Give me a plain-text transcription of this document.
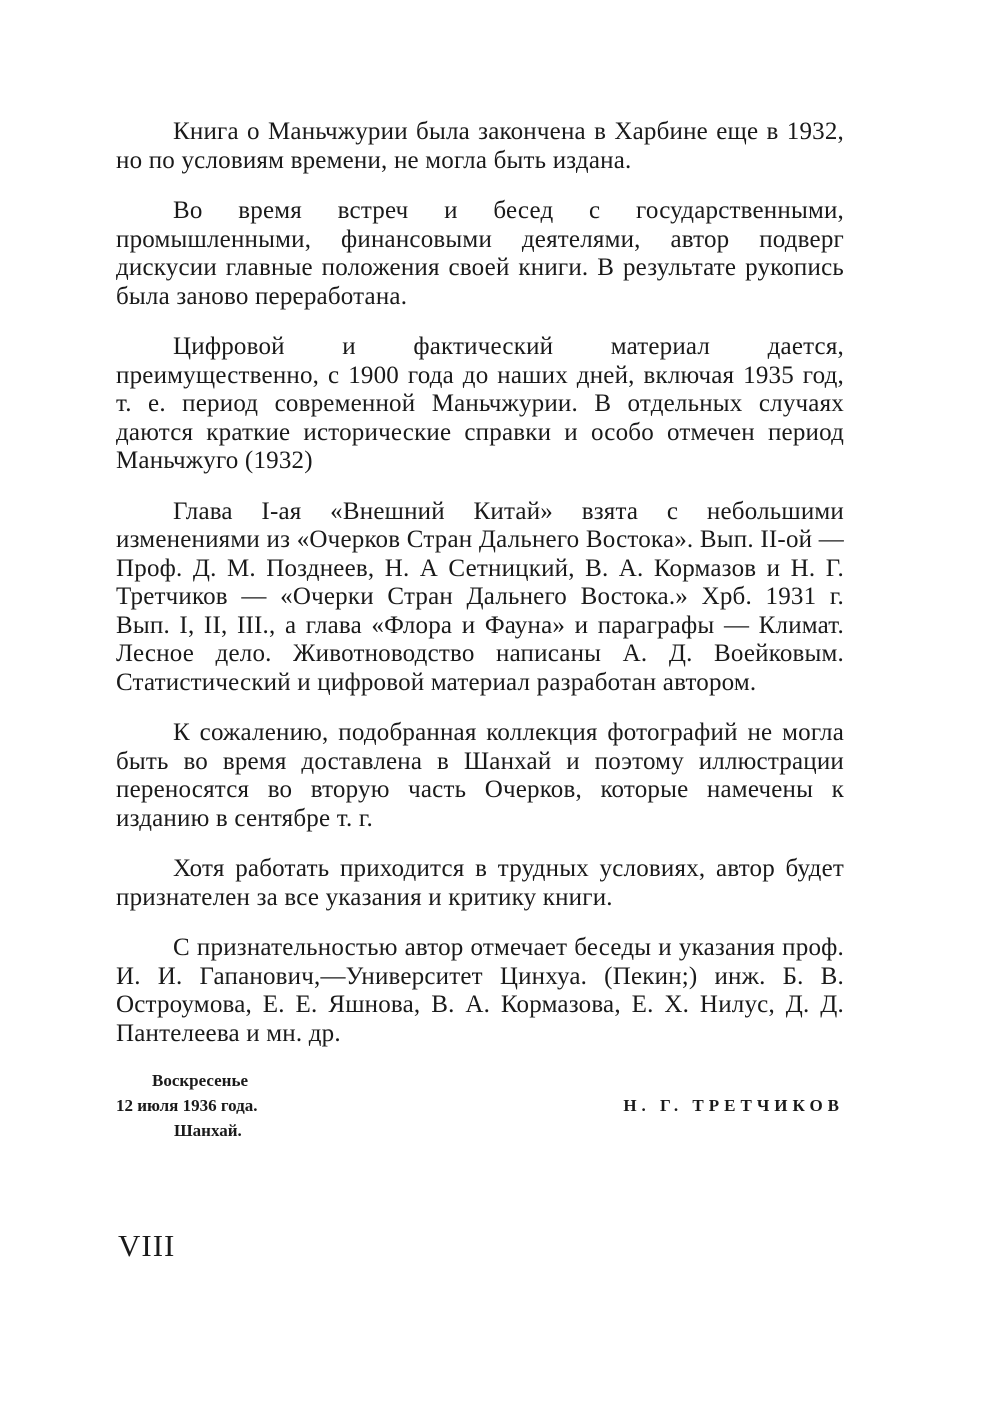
Книга о Маньчжурии была закончена в Харбине еще в 1932, но по условиям времени, не могла быть издана.

Во время встреч и бесед с государственными, промышленными, финансовыми деятелями, автор подверг дискусии главные положения своей книги. В результате рукопись была заново переработана.

Цифровой и фактический материал дается, преимущественно, с 1900 года до наших дней, включая 1935 год, т. е. период современной Маньчжурии. В отдельных случаях даются краткие исторические справки и особо отмечен период Маньчжуго (1932)

Глава I-ая «Внешний Китай» взята с небольшими изменениями из «Очерков Стран Дальнего Востока». Вып. II-ой — Проф. Д. М. Позднеев, Н. А Сетницкий, В. А. Кормазов и Н. Г. Третчиков — «Очерки Стран Дальнего Востока.» Хрб. 1931 г. Вып. I, II, III., а глава «Флора и Фауна» и параграфы — Климат. Лесное дело. Животноводство написаны А. Д. Воейковым. Статистический и цифровой материал разработан автором.

К сожалению, подобранная коллекция фотографий не могла быть во время доставлена в Шанхай и поэтому иллюстрации переносятся во вторую часть Очерков, которые намечены к изданию в сентябре т. г.

Хотя работать приходится в трудных условиях, автор будет признателен за все указания и критику книги.

С признательностью автор отмечает беседы и указания проф. И. И. Гапанович,—Университет Цинхуа. (Пекин;) инж. Б. В. Остроумова, Е. Е. Яшнова, В. А. Кормазова, Е. Х. Нилус, Д. Д. Пантелеева и мн. др.

Воскресенье
12 июля 1936 года.
Шанхай.
Н. Г. ТРЕТЧИКОВ
VIII
